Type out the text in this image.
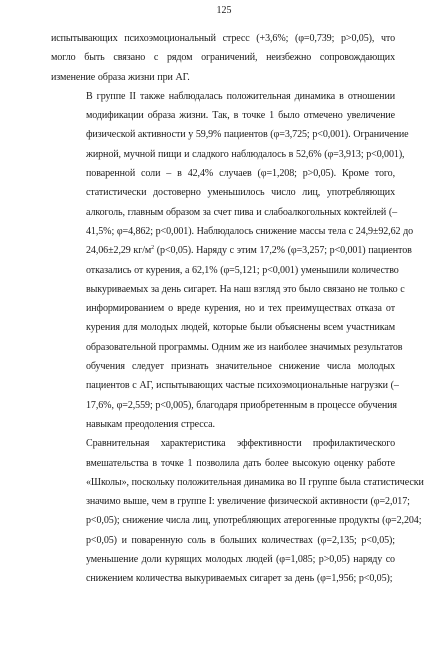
125

испытывающих психоэмоциональный стресс (+3,6%; (φ=0,739; p>0,05), что
могло быть связано с рядом ограничений, неизбежно сопровождающих
изменение образа жизни при АГ.

В группе II также наблюдалась положительная динамика в отношении
модификации образа жизни. Так, в точке 1 было отмечено увеличение
физической активности у 59,9% пациентов (φ=3,725; p<0,001). Ограничение
жирной, мучной пищи и сладкого наблюдалось в 52,6% (φ=3,913; p<0,001),
поваренной соли – в 42,4% случаев (φ=1,208; p>0,05). Кроме того,
статистически достоверно уменьшилось число лиц, употребляющих
алкоголь, главным образом за счет пива и слабоалкогольных коктейлей (–
41,5%; φ=4,862; p<0,001). Наблюдалось снижение массы тела с 24,9±92,62 до
24,06±2,29 $кг/м^2$ (p<0,05). Наряду с этим 17,2% (φ=3,257; p<0,001) пациентов
отказались от курения, а 62,1% (φ=5,121; p<0,001) уменьшили количество
выкуриваемых за день сигарет. На наш взгляд это было связано не только с
информированием о вреде курения, но и тех преимуществах отказа от
курения для молодых людей, которые были объяснены всем участникам
образовательной программы. Одним же из наиболее значимых результатов
обучения следует признать значительное снижение числа молодых
пациентов с АГ, испытывающих частые психоэмоциональные нагрузки (–
17,6%, φ=2,559; p<0,005), благодаря приобретенным в процессе обучения
навыкам преодоления стресса.

Сравнительная характеристика эффективности профилактического
вмешательства в точке 1 позволила дать более высокую оценку работе
«Школы», поскольку положительная динамика во II группе была статистически
значимо выше, чем в группе I: увеличение физической активности (φ=2,017;
p<0,05); снижение числа лиц, употребляющих атерогенные продукты (φ=2,204;
p<0,05) и поваренную соль в больших количествах (φ=2,135; p<0,05);
уменьшение доли курящих молодых людей (φ=1,085; p>0,05) наряду со
снижением количества выкуриваемых сигарет за день (φ=1,956; p<0,05);
